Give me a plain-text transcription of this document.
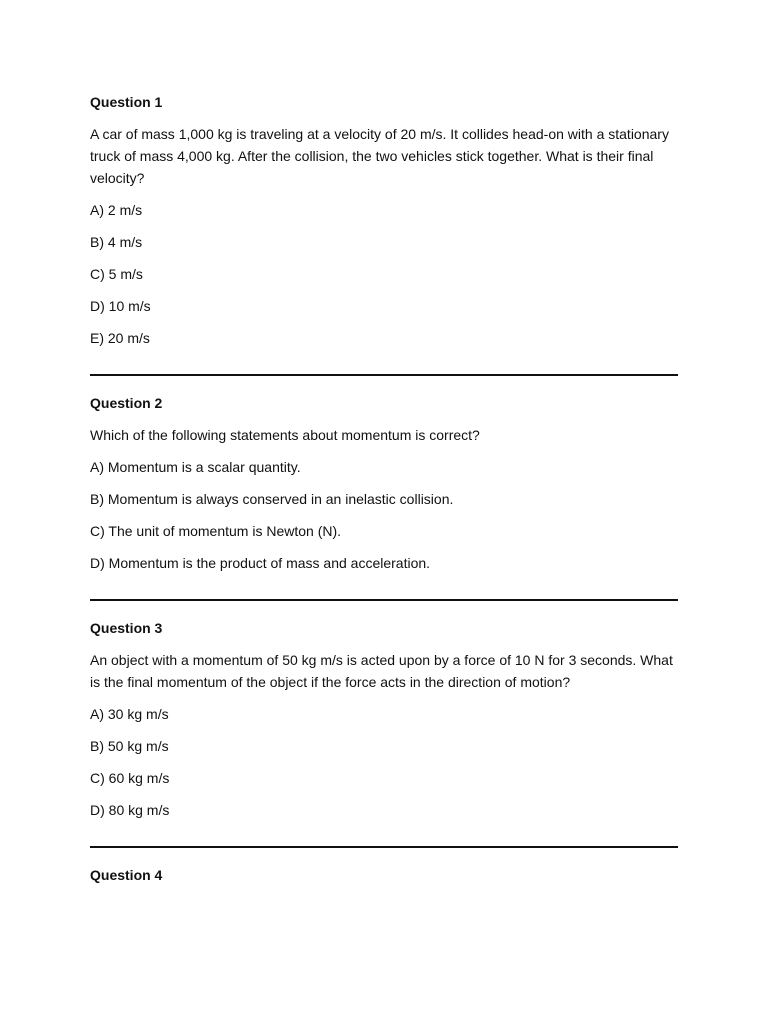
Question 1
A car of mass 1,000 kg is traveling at a velocity of 20 m/s. It collides head-on with a stationary truck of mass 4,000 kg. After the collision, the two vehicles stick together. What is their final velocity?
A) 2 m/s
B) 4 m/s
C) 5 m/s
D) 10 m/s
E) 20 m/s
Question 2
Which of the following statements about momentum is correct?
A) Momentum is a scalar quantity.
B) Momentum is always conserved in an inelastic collision.
C) The unit of momentum is Newton (N).
D) Momentum is the product of mass and acceleration.
Question 3
An object with a momentum of 50 kg m/s is acted upon by a force of 10 N for 3 seconds. What is the final momentum of the object if the force acts in the direction of motion?
A) 30 kg m/s
B) 50 kg m/s
C) 60 kg m/s
D) 80 kg m/s
Question 4
